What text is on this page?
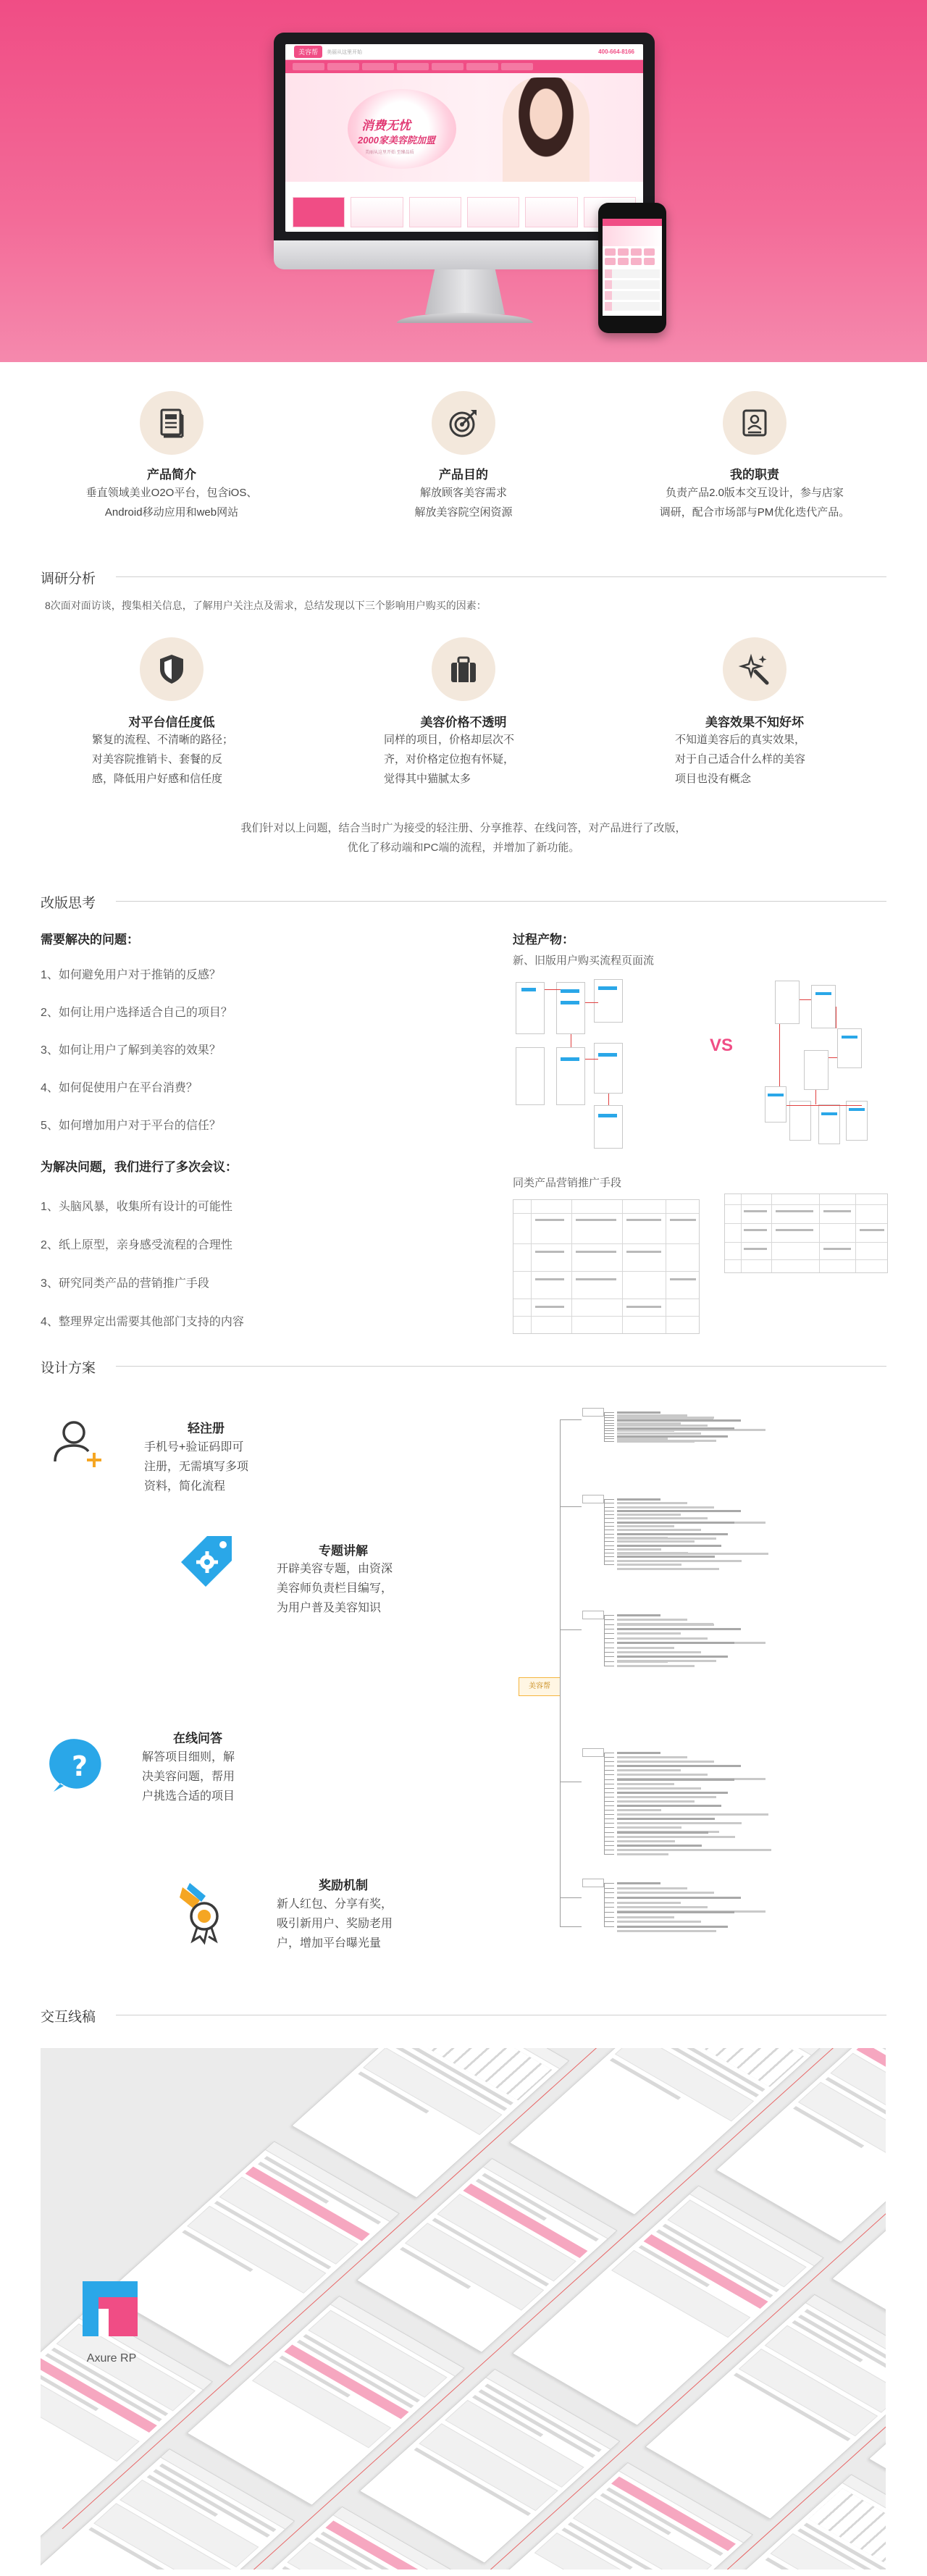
美容帮	美丽从这里开始	400-664-8166
消费无忧
2000家美容院加盟
美丽从这里开始 至臻品质
产品简介
垂直领域美业O2O平台，包含iOS、
Android移动应用和web网站
产品目的
解放顾客美容需求
解放美容院空闲资源
我的职责
负责产品2.0版本交互设计，参与店家
调研，配合市场部与PM优化迭代产品。
调研分析
8次面对面访谈，搜集相关信息，了解用户关注点及需求，总结发现以下三个影响用户购买的因素：
对平台信任度低
繁复的流程、不清晰的路径；
对美容院推销卡、套餐的反
感，降低用户好感和信任度
美容价格不透明
同样的项目，价格却层次不
齐，对价格定位抱有怀疑，
觉得其中猫腻太多
美容效果不知好坏
不知道美容后的真实效果，
对于自己适合什么样的美容
项目也没有概念
我们针对以上问题，结合当时广为接受的轻注册、分享推荐、在线问答，对产品进行了改版，
优化了移动端和PC端的流程，并增加了新功能。
改版思考
需要解决的问题：
1、如何避免用户对于推销的反感？
2、如何让用户选择适合自己的项目？
3、如何让用户了解到美容的效果？
4、如何促使用户在平台消费？
5、如何增加用户对于平台的信任？
为解决问题，我们进行了多次会议：
1、头脑风暴，收集所有设计的可能性
2、纸上原型，亲身感受流程的合理性
3、研究同类产品的营销推广手段
4、整理界定出需要其他部门支持的内容
过程产物：
新、旧版用户购买流程页面流
VS
同类产品营销推广手段
设计方案
轻注册
手机号+验证码即可
注册，无需填写多项
资料，简化流程
专题讲解
开辟美容专题，由资深
美容师负责栏目编写，
为用户普及美容知识
?
在线问答
解答项目细则，解
决美容问题，帮用
户挑选合适的项目
奖励机制
新人红包、分享有奖，
吸引新用户、奖励老用
户，增加平台曝光量
美容帮
交互线稿
Axure RP
